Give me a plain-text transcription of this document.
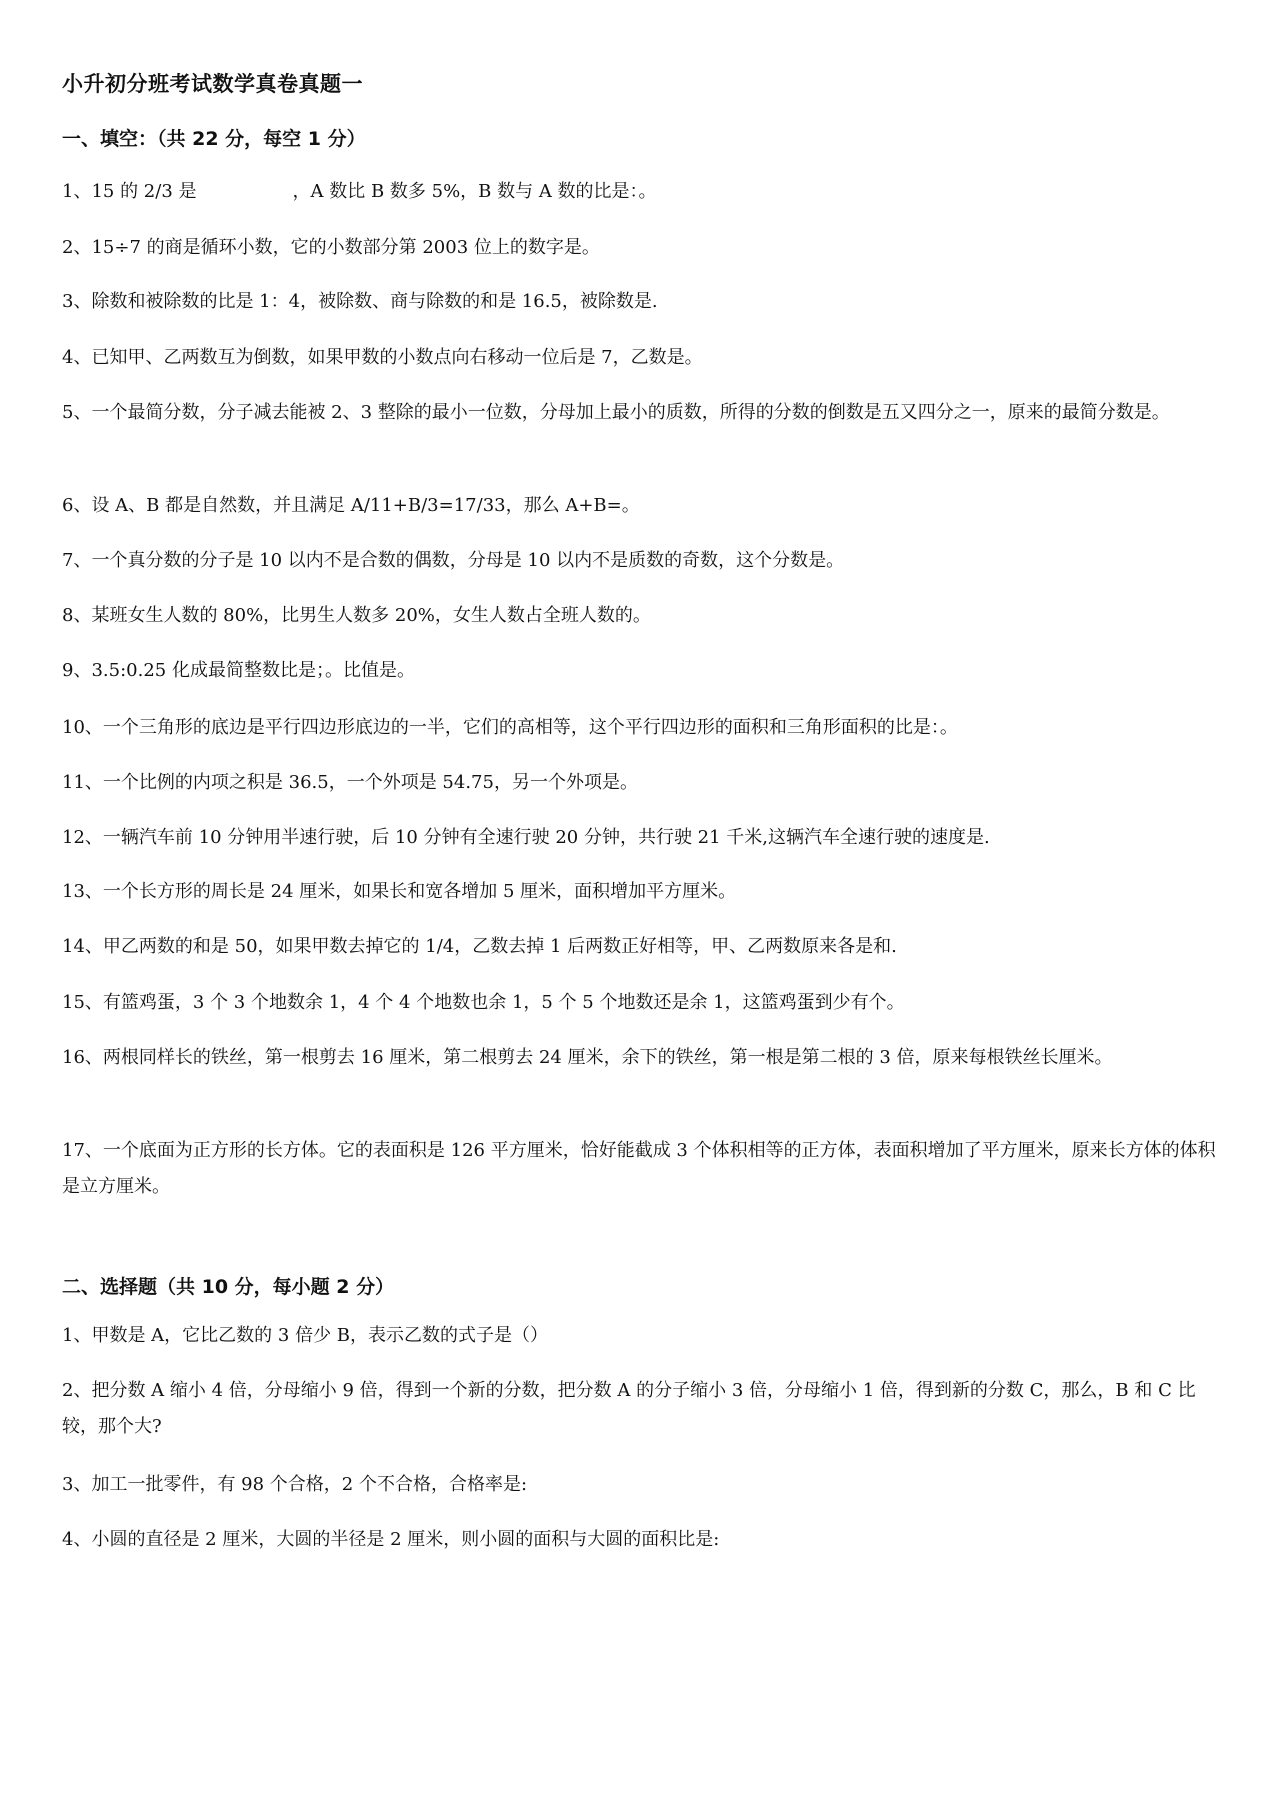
小升初分班考试数学真卷真题一
一、填空：（共 22 分，每空 1 分）
1、15 的 2/3 是	，A 数比 B 数多 5%，B 数与 A 数的比是：。
2、15÷7 的商是循环小数，它的小数部分第 2003 位上的数字是。
3、除数和被除数的比是 1：4，被除数、商与除数的和是 16.5，被除数是.
4、已知甲、乙两数互为倒数，如果甲数的小数点向右移动一位后是 7，乙数是。
5、一个最简分数，分子减去能被 2、3 整除的最小一位数，分母加上最小的质数，所得的分数的倒数是五又四分之一，原来的最简分数是。
6、设 A、B 都是自然数，并且满足 A/11+B/3=17/33，那么 A+B=。
7、一个真分数的分子是 10 以内不是合数的偶数，分母是 10 以内不是质数的奇数，这个分数是。
8、某班女生人数的 80%，比男生人数多 20%，女生人数占全班人数的。
9、3.5:0.25 化成最简整数比是；。比值是。
10、一个三角形的底边是平行四边形底边的一半，它们的高相等，这个平行四边形的面积和三角形面积的比是：。
11、一个比例的内项之积是 36.5，一个外项是 54.75，另一个外项是。
12、一辆汽车前 10 分钟用半速行驶，后 10 分钟有全速行驶 20 分钟，共行驶 21 千米,这辆汽车全速行驶的速度是.
13、一个长方形的周长是 24 厘米，如果长和宽各增加 5 厘米，面积增加平方厘米。
14、甲乙两数的和是 50，如果甲数去掉它的 1/4，乙数去掉 1 后两数正好相等，甲、乙两数原来各是和.
15、有篮鸡蛋，3 个 3 个地数余 1，4 个 4 个地数也余 1，5 个 5 个地数还是余 1，这篮鸡蛋到少有个。
16、两根同样长的铁丝，第一根剪去 16 厘米，第二根剪去 24 厘米，余下的铁丝，第一根是第二根的 3 倍，原来每根铁丝长厘米。
17、一个底面为正方形的长方体。它的表面积是 126 平方厘米，恰好能截成 3 个体积相等的正方体，表面积增加了平方厘米，原来长方体的体积是立方厘米。
二、选择题（共 10 分，每小题 2 分）
1、甲数是 A，它比乙数的 3 倍少 B，表示乙数的式子是（）
2、把分数 A 缩小 4 倍，分母缩小 9 倍，得到一个新的分数，把分数 A 的分子缩小 3 倍，分母缩小 1 倍，得到新的分数 C，那么，B 和 C 比较，那个大?
3、加工一批零件，有 98 个合格，2 个不合格，合格率是:
4、小圆的直径是 2 厘米，大圆的半径是 2 厘米，则小圆的面积与大圆的面积比是:
